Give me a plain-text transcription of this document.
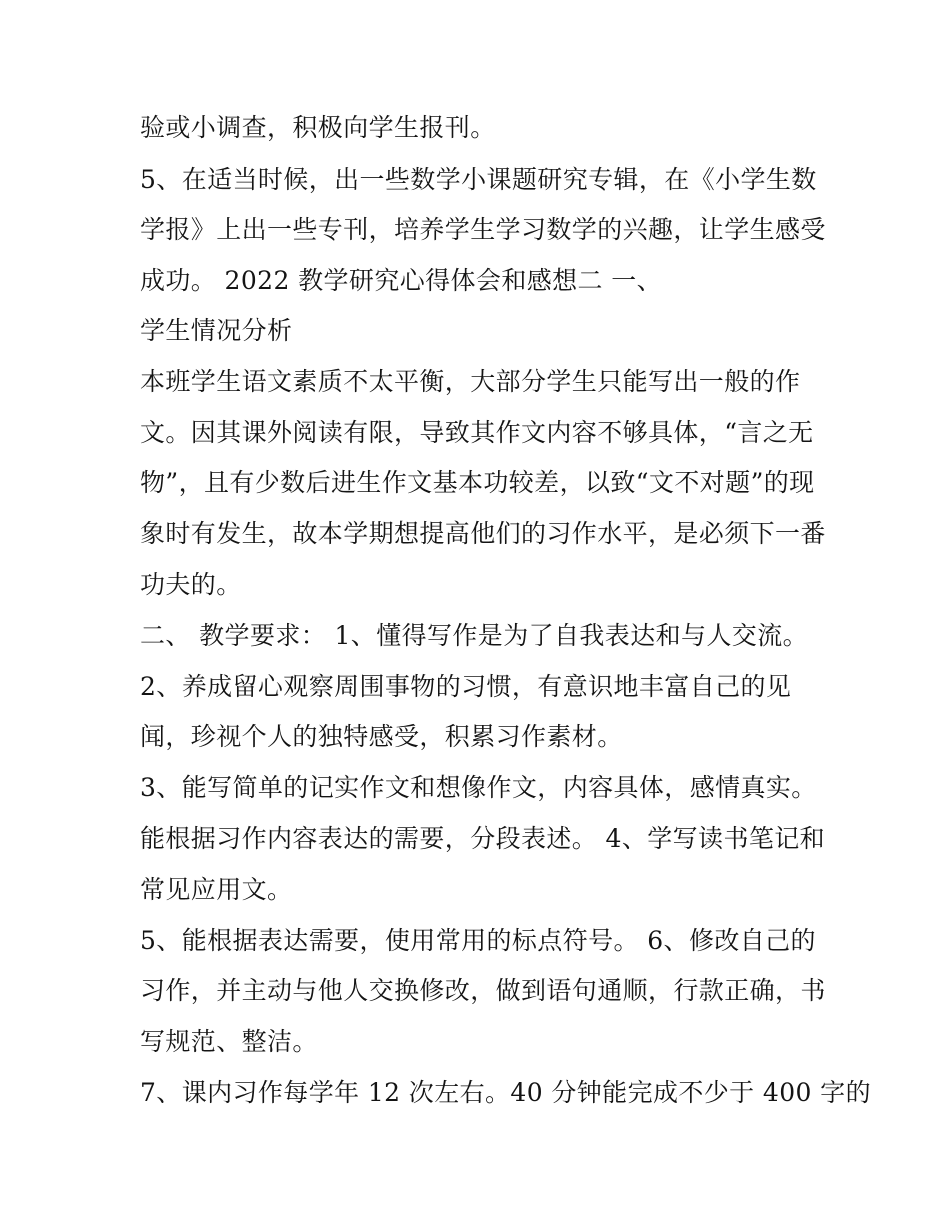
验或小调查，积极向学生报刊。
5、在适当时候，出一些数学小课题研究专辑，在《小学生数
学报》上出一些专刊，培养学生学习数学的兴趣，让学生感受
成功。 2022 教学研究心得体会和感想二 一、
学生情况分析
本班学生语文素质不太平衡，大部分学生只能写出一般的作
文。因其课外阅读有限，导致其作文内容不够具体，“言之无
物”，且有少数后进生作文基本功较差，以致“文不对题”的现
象时有发生，故本学期想提高他们的习作水平，是必须下一番
功夫的。
二、 教学要求： 1、懂得写作是为了自我表达和与人交流。
2、养成留心观察周围事物的习惯，有意识地丰富自己的见
闻，珍视个人的独特感受，积累习作素材。
3、能写简单的记实作文和想像作文，内容具体，感情真实。
能根据习作内容表达的需要，分段表述。 4、学写读书笔记和
常见应用文。
5、能根据表达需要，使用常用的标点符号。 6、修改自己的
习作，并主动与他人交换修改，做到语句通顺，行款正确，书
写规范、整洁。
7、课内习作每学年 12 次左右。40 分钟能完成不少于 400 字的
